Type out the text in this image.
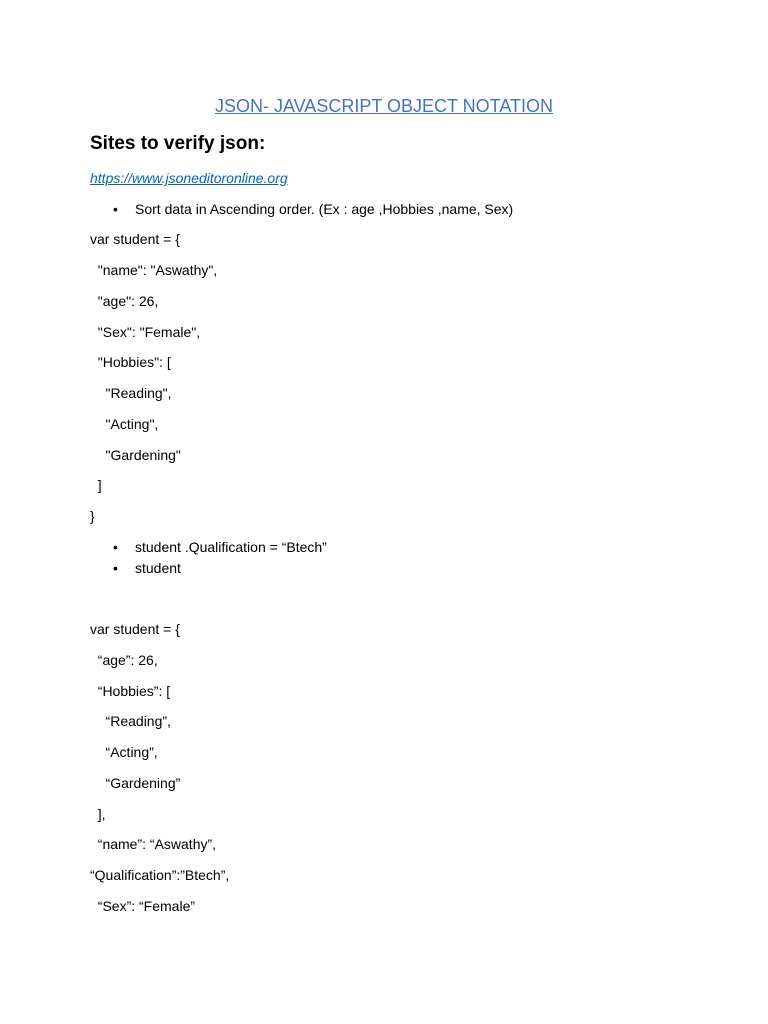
JSON- JAVASCRIPT OBJECT NOTATION
Sites to verify json:
https://www.jsoneditoronline.org

•

	Sort data in Ascending order. (Ex : age ,Hobbies ,name, Sex)

var student = {
"name": "Aswathy",
"age": 26,
"Sex": "Female",
"Hobbies": [
"Reading",
"Acting",
"Gardening"
]
}

•

	student .Qualification = “Btech”

•

	student

var student = {
“age”: 26,
“Hobbies”: [
“Reading”,
“Acting”,
“Gardening”
],
“name”: “Aswathy”,
“Qualification”:”Btech”,
“Sex”: “Female”
